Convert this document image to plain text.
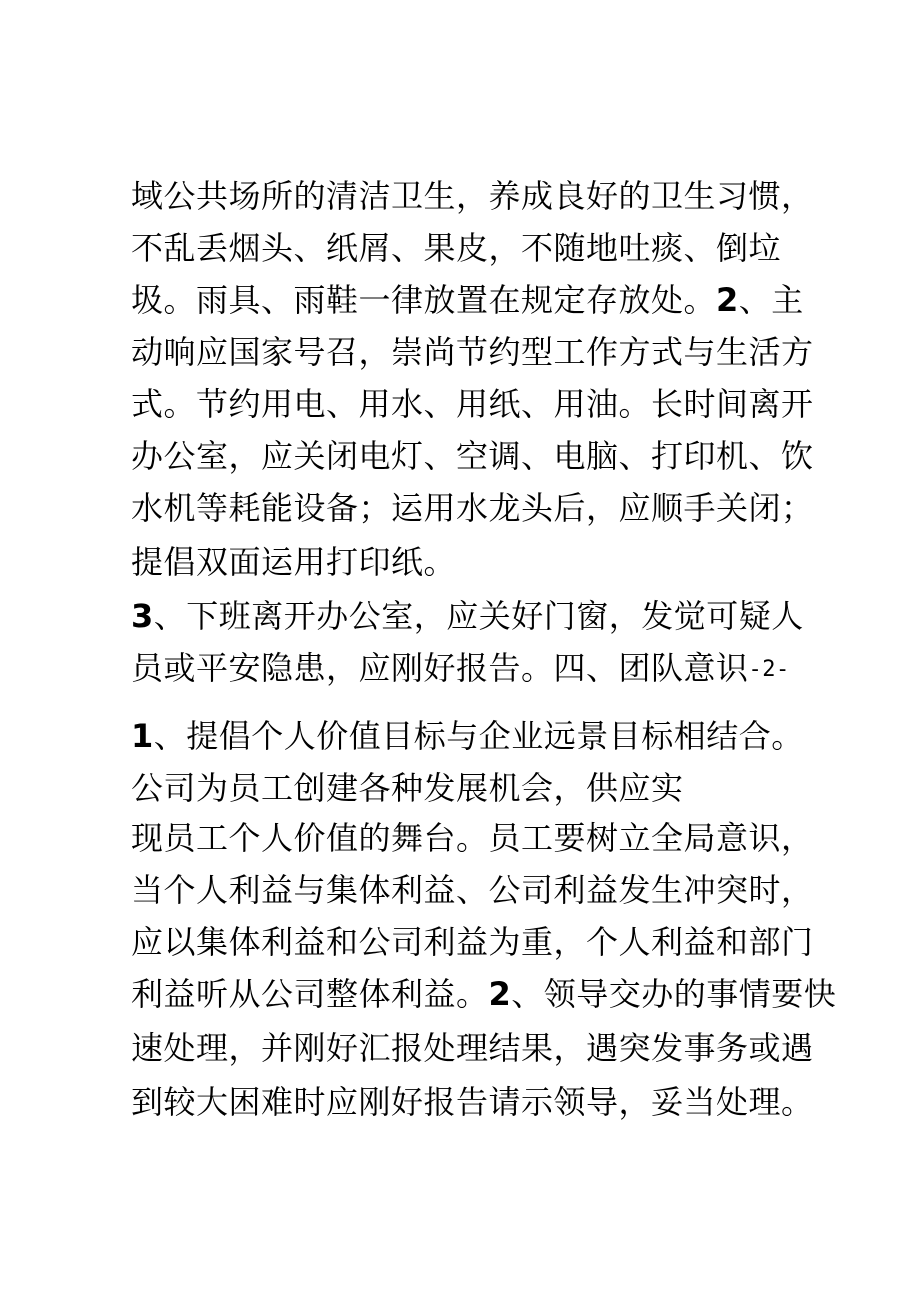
域公共场所的清洁卫生，养成良好的卫生习惯，
不乱丢烟头、纸屑、果皮，不随地吐痰、倒垃
圾。雨具、雨鞋一律放置在规定存放处。2、主
动响应国家号召，崇尚节约型工作方式与生活方
式。节约用电、用水、用纸、用油。长时间离开
办公室，应关闭电灯、空调、电脑、打印机、饮
水机等耗能设备；运用水龙头后，应顺手关闭；
提倡双面运用打印纸。
3、下班离开办公室，应关好门窗，发觉可疑人
员或平安隐患，应刚好报告。四、团队意识-2-
1、提倡个人价值目标与企业远景目标相结合。
公司为员工创建各种发展机会，供应实
现员工个人价值的舞台。员工要树立全局意识，
当个人利益与集体利益、公司利益发生冲突时，
应以集体利益和公司利益为重，个人利益和部门
利益听从公司整体利益。2、领导交办的事情要快
速处理，并刚好汇报处理结果，遇突发事务或遇
到较大困难时应刚好报告请示领导，妥当处理。
